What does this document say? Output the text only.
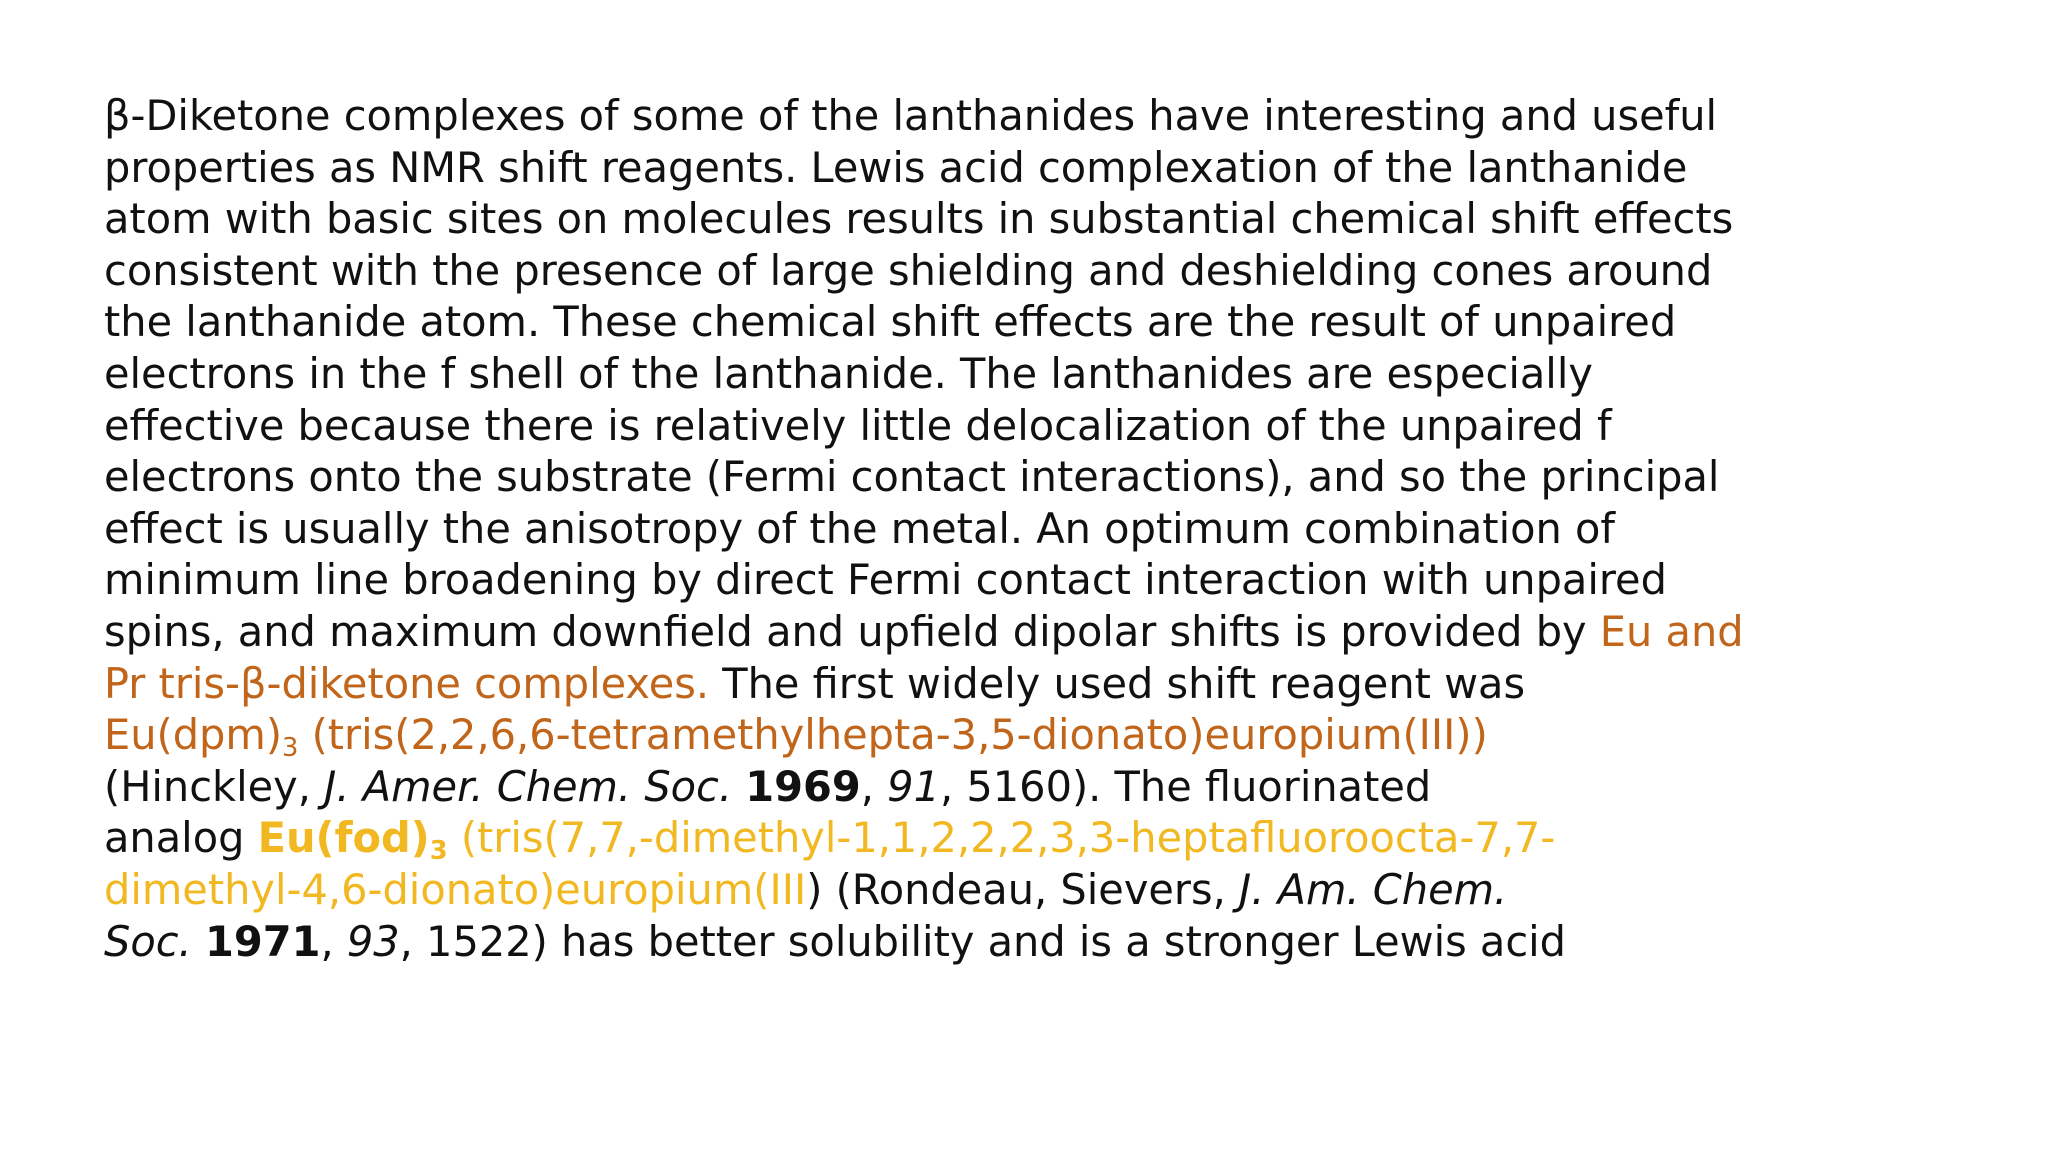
β-Diketone complexes of some of the lanthanides have interesting and useful
properties as NMR shift reagents. Lewis acid complexation of the lanthanide
atom with basic sites on molecules results in substantial chemical shift effects
consistent with the presence of large shielding and deshielding cones around
the lanthanide atom. These chemical shift effects are the result of unpaired
electrons in the f shell of the lanthanide. The lanthanides are especially
effective because there is relatively little delocalization of the unpaired f
electrons onto the substrate (Fermi contact interactions), and so the principal
effect is usually the anisotropy of the metal. An optimum combination of
minimum line broadening by direct Fermi contact interaction with unpaired
spins, and maximum downfield and upfield dipolar shifts is provided by Eu and
Pr tris-β-diketone complexes. The first widely used shift reagent was
$Eu(dpm)_3$ (tris(2,2,6,6-tetramethylhepta-3,5-dionato)europium(III))
(Hinckley, J. Amer. Chem. Soc. 1969, 91, 5160). The fluorinated
analog $Eu(fod)_3$ (tris(7,7,-dimethyl-1,1,2,2,2,3,3-heptafluoroocta-7,7-
dimethyl-4,6-dionato)europium(III) (Rondeau, Sievers, J. Am. Chem.
Soc. 1971, 93, 1522) has better solubility and is a stronger Lewis acid
